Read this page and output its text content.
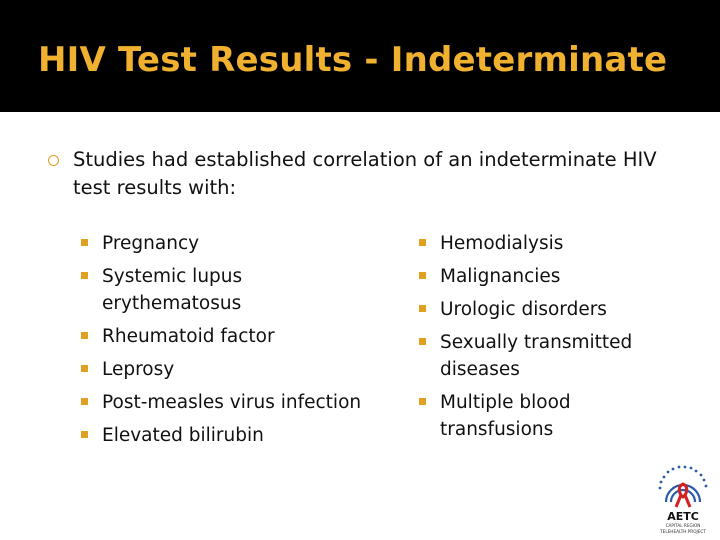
HIV Test Results - Indeterminate
Studies had established correlation of an indeterminate HIV test results with:
Pregnancy
Systemic lupus erythematosus
Rheumatoid factor
Leprosy
Post-measles virus infection
Elevated bilirubin
Hemodialysis
Malignancies
Urologic disorders
Sexually transmitted diseases
Multiple blood transfusions
AETC
CAPITAL REGION
TELEHEALTH PROJECT
